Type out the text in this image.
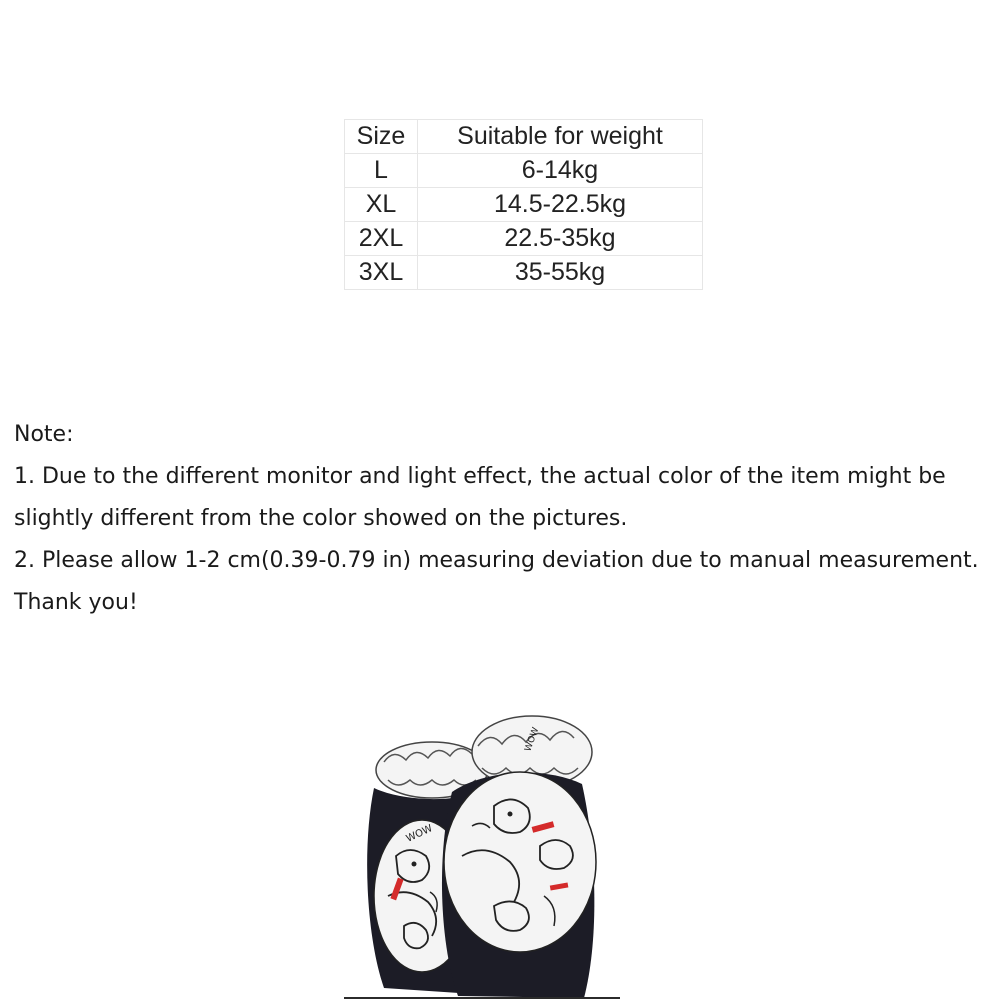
Size	Suitable for weight
L	6-14kg
XL	14.5-22.5kg
2XL	22.5-35kg
3XL	35-55kg

Note:

1. Due to the different monitor and light effect, the actual color of the item might be slightly different from the color showed on the pictures.

2. Please allow 1-2 cm(0.39-0.79 in) measuring deviation due to manual measurement.

Thank you!

WOW
WOW
